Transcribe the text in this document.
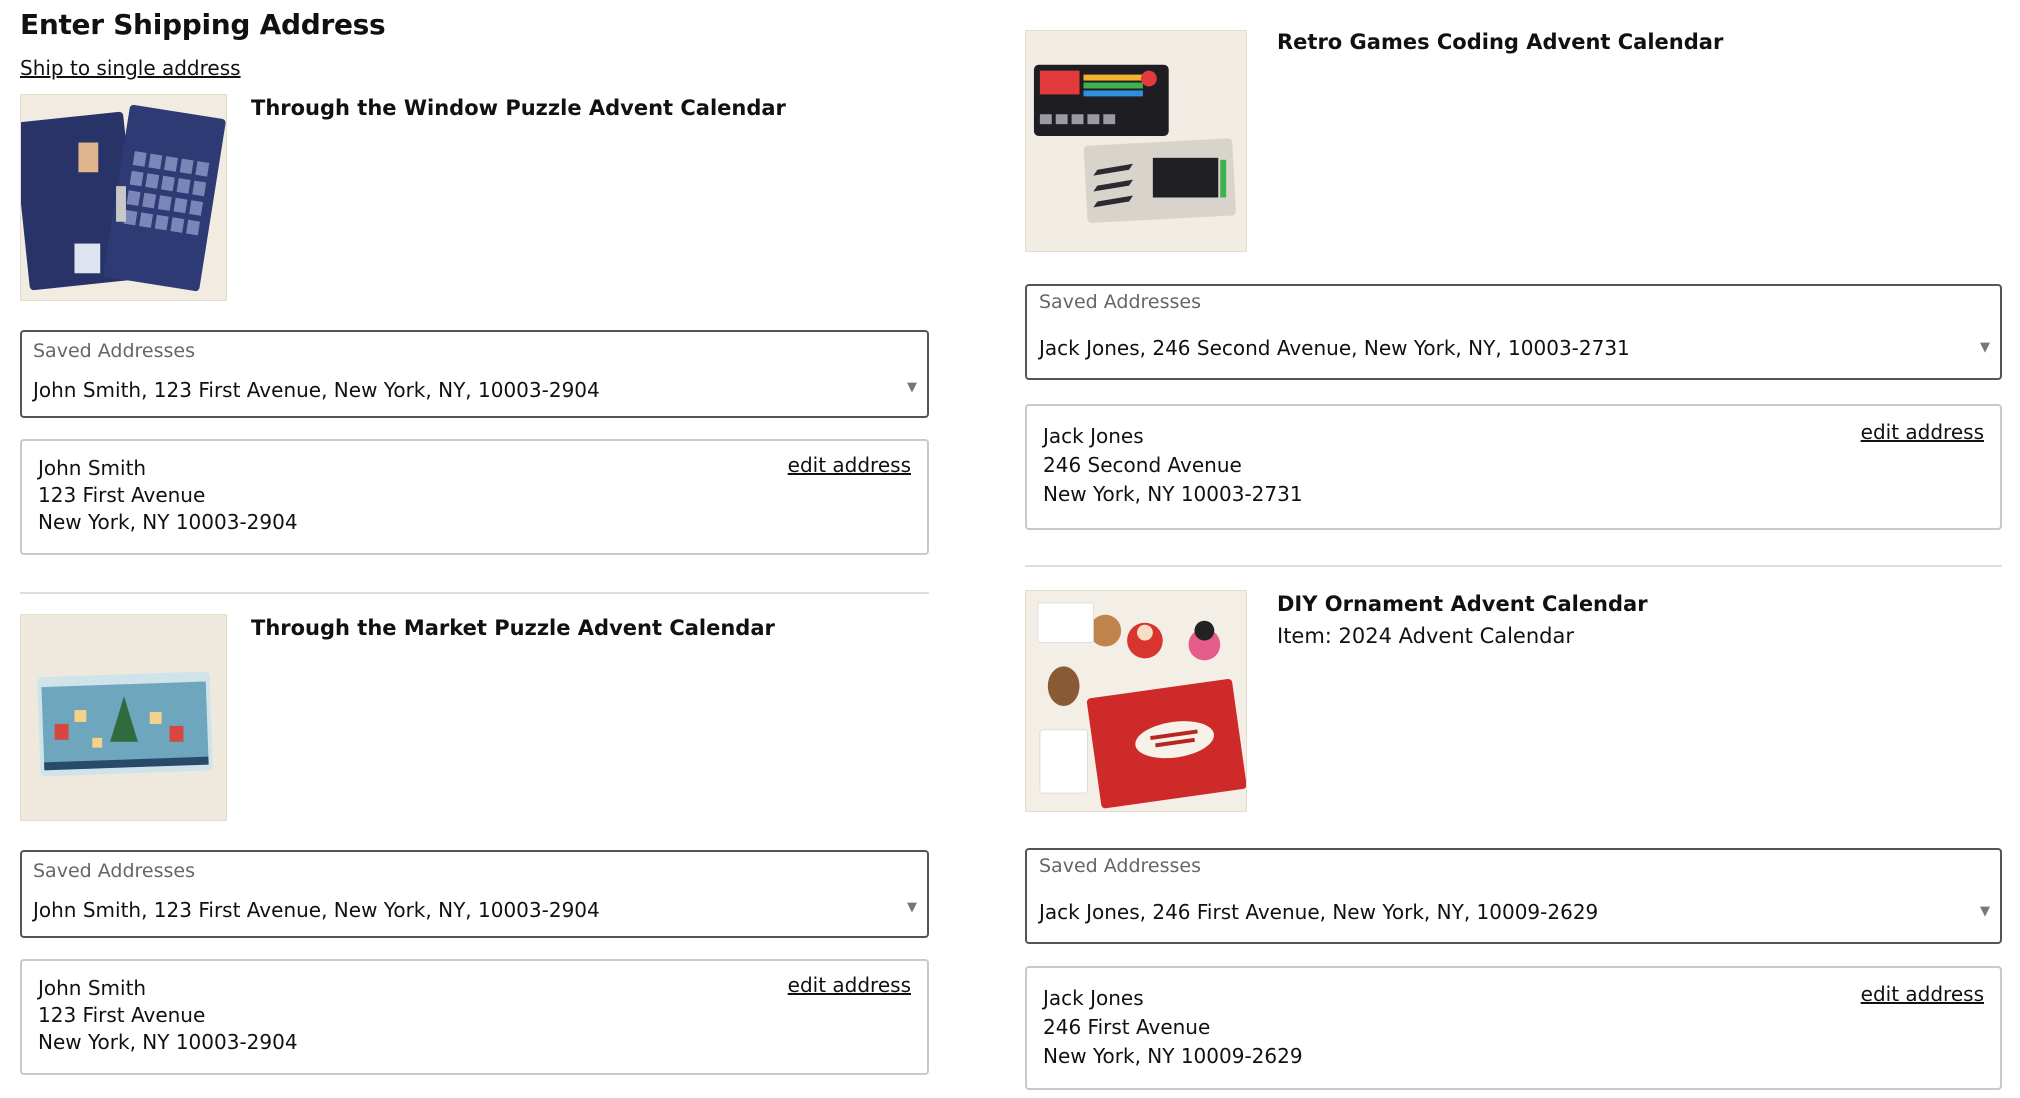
Enter Shipping Address
Ship to single address
Through the Window Puzzle Advent Calendar
Saved Addresses
John Smith, 123 First Avenue, New York, NY, 10003-2904	▼
John Smith
123 First Avenue
New York, NY 10003-2904
edit address
Through the Market Puzzle Advent Calendar
Saved Addresses
John Smith, 123 First Avenue, New York, NY, 10003-2904	▼
John Smith
123 First Avenue
New York, NY 10003-2904
edit address
Retro Games Coding Advent Calendar
Saved Addresses
Jack Jones, 246 Second Avenue, New York, NY, 10003-2731	▼
Jack Jones
246 Second Avenue
New York, NY 10003-2731
edit address
DIY Ornament Advent Calendar
Item: 2024 Advent Calendar
Saved Addresses
Jack Jones, 246 First Avenue, New York, NY, 10009-2629	▼
Jack Jones
246 First Avenue
New York, NY 10009-2629
edit address
